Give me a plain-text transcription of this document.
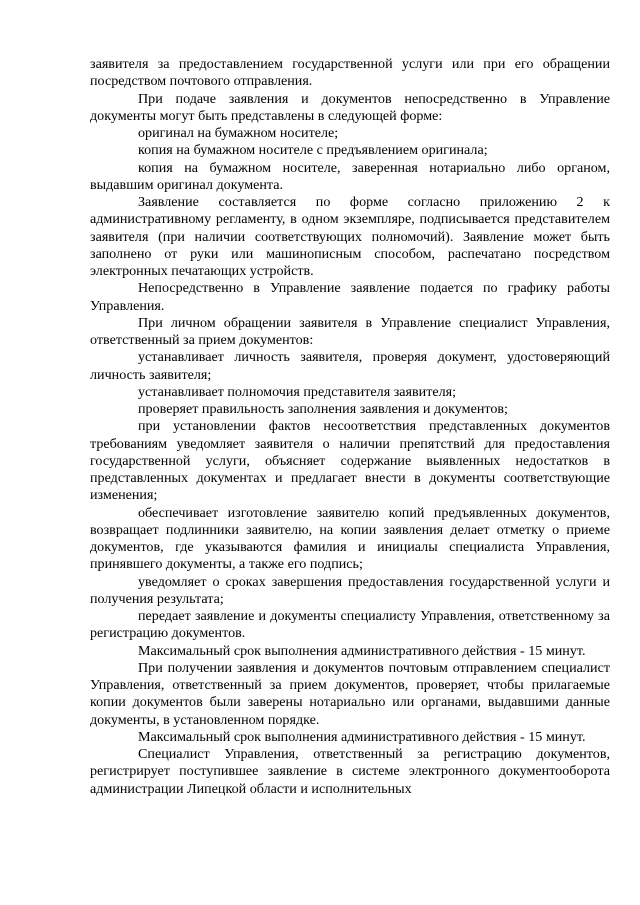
заявителя за предоставлением государственной услуги или при его обращении посредством почтового отправления.

При подаче заявления и документов непосредственно в Управление документы могут быть представлены в следующей форме:

оригинал на бумажном носителе;

копия на бумажном носителе с предъявлением оригинала;

копия на бумажном носителе, заверенная нотариально либо органом, выдавшим оригинал документа.

Заявление составляется по форме согласно приложению 2 к административному регламенту, в одном экземпляре, подписывается представителем заявителя (при наличии соответствующих полномочий). Заявление может быть заполнено от руки или машинописным способом, распечатано посредством электронных печатающих устройств.

Непосредственно в Управление заявление подается по графику работы Управления.

При личном обращении заявителя в Управление специалист Управления, ответственный за прием документов:

устанавливает личность заявителя, проверяя документ, удостоверяющий личность заявителя;

устанавливает полномочия представителя заявителя;

проверяет правильность заполнения заявления и документов;

при установлении фактов несоответствия представленных документов требованиям уведомляет заявителя о наличии препятствий для предоставления государственной услуги, объясняет содержание выявленных недостатков в представленных документах и предлагает внести в документы соответствующие изменения;

обеспечивает изготовление заявителю копий предъявленных документов, возвращает подлинники заявителю, на копии заявления делает отметку о приеме документов, где указываются фамилия и инициалы специалиста Управления, принявшего документы, а также его подпись;

уведомляет о сроках завершения предоставления государственной услуги и получения результата;

передает заявление и документы специалисту Управления, ответственному за регистрацию документов.

Максимальный срок выполнения административного действия - 15 минут.

При получении заявления и документов почтовым отправлением специалист Управления, ответственный за прием документов, проверяет, чтобы прилагаемые копии документов были заверены нотариально или органами, выдавшими данные документы, в установленном порядке.

Максимальный срок выполнения административного действия - 15 минут.

Специалист Управления, ответственный за регистрацию документов, регистрирует поступившее заявление в системе электронного документооборота администрации Липецкой области и исполнительных
